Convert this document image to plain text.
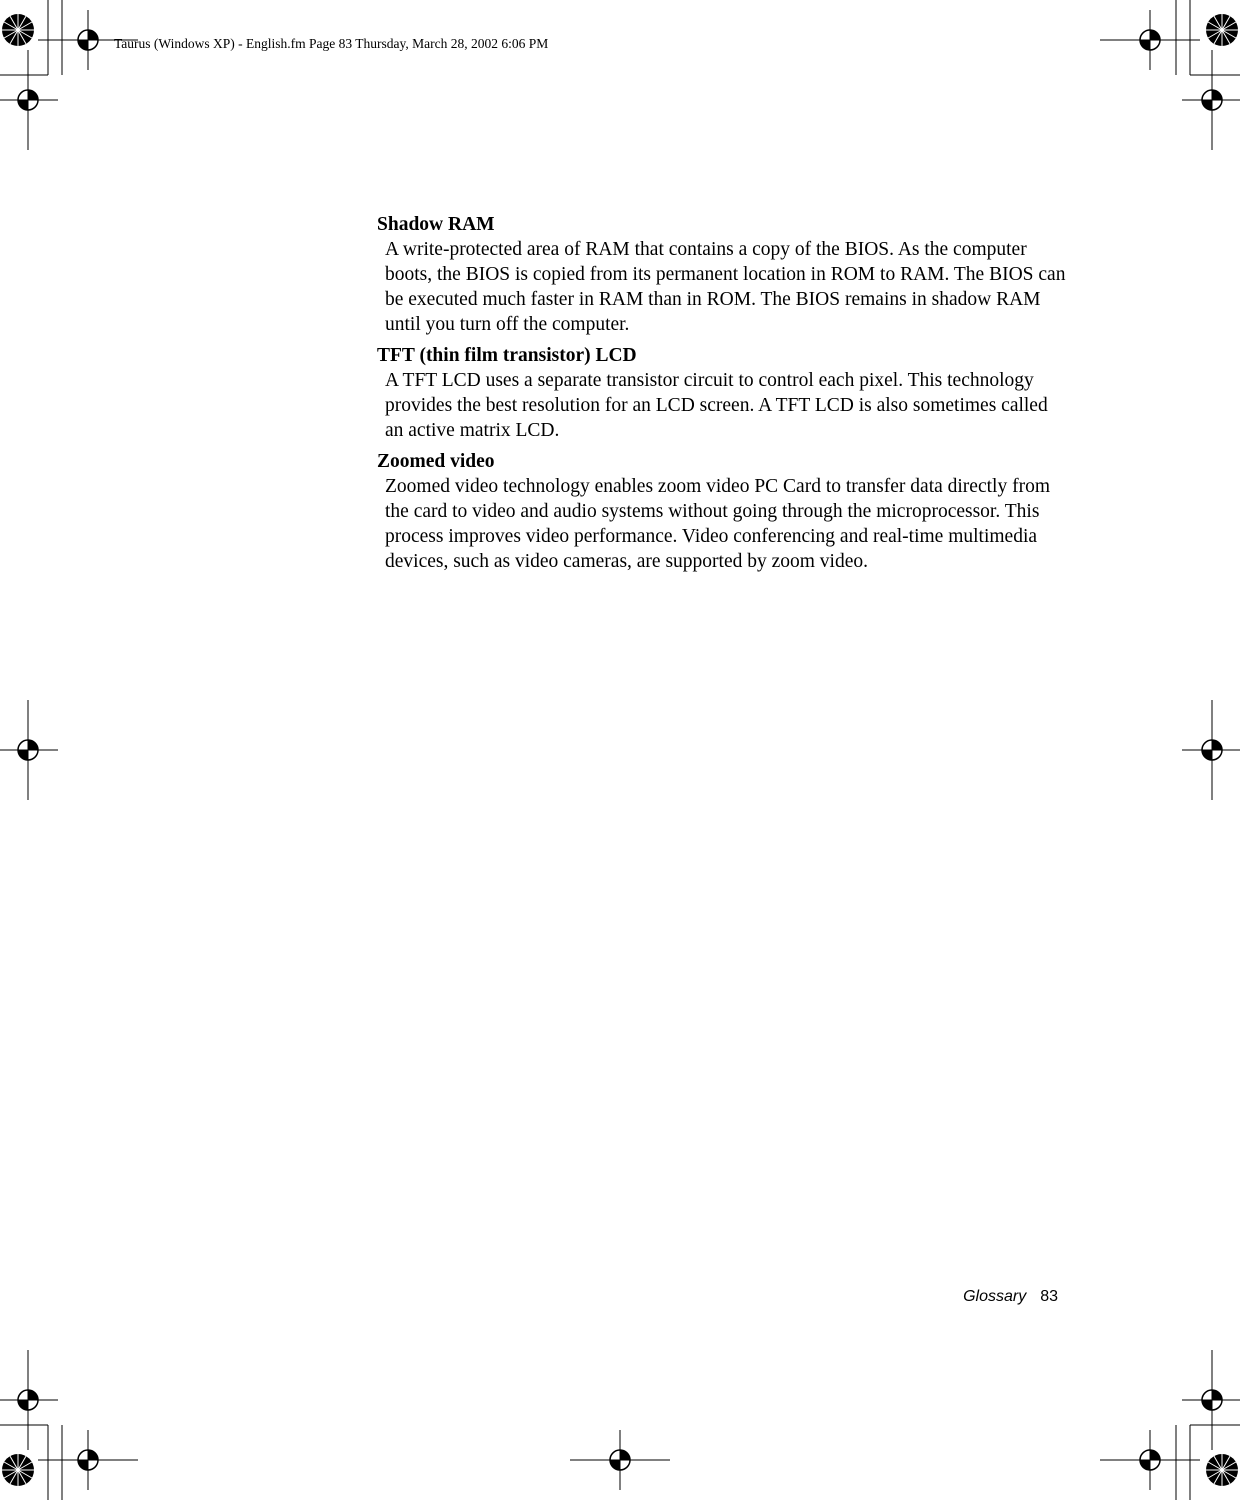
Taurus (Windows XP) - English.fm Page 83 Thursday, March 28, 2002 6:06 PM
Shadow RAM
A write-protected area of RAM that contains a copy of the BIOS. As the computer boots, the BIOS is copied from its permanent location in ROM to RAM. The BIOS can be executed much faster in RAM than in ROM. The BIOS remains in shadow RAM until you turn off the computer.
TFT (thin film transistor) LCD
A TFT LCD uses a separate transistor circuit to control each pixel. This technology provides the best resolution for an LCD screen. A TFT LCD is also sometimes called an active matrix LCD.
Zoomed video
Zoomed video technology enables zoom video PC Card to transfer data directly from the card to video and audio systems without going through the microprocessor. This process improves video performance. Video conferencing and real-time multimedia devices, such as video cameras, are supported by zoom video.
Glossary 83
